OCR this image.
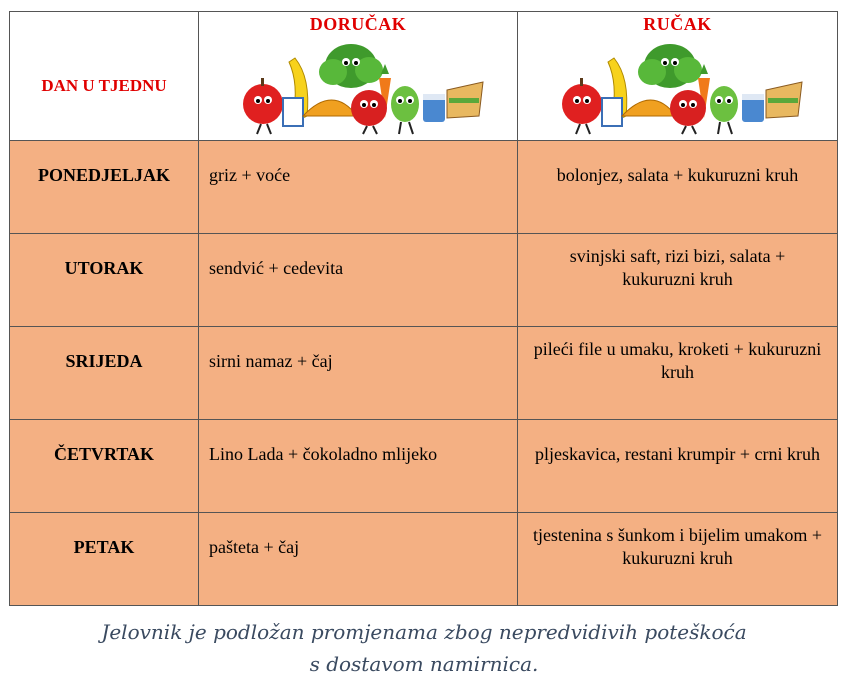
DAN U TJEDNU	DORUČAK	RUČAK

PONEDJELJAK	griz + voće	bolonjez, salata + kukuruzni kruh

UTORAK	sendvić + cedevita	svinjski saft, rizi bizi, salata + kukuruzni kruh

SRIJEDA	sirni namaz + čaj	pileći file u umaku, kroketi + kukuruzni kruh

ČETVRTAK	Lino Lada + čokoladno mlijeko	pljeskavica, restani krumpir + crni kruh

PETAK	pašteta + čaj	tjestenina s šunkom i bijelim umakom + kukuruzni kruh
Jelovnik je podložan promjenama zbog nepredvidivih poteškoća
s dostavom namirnica.
